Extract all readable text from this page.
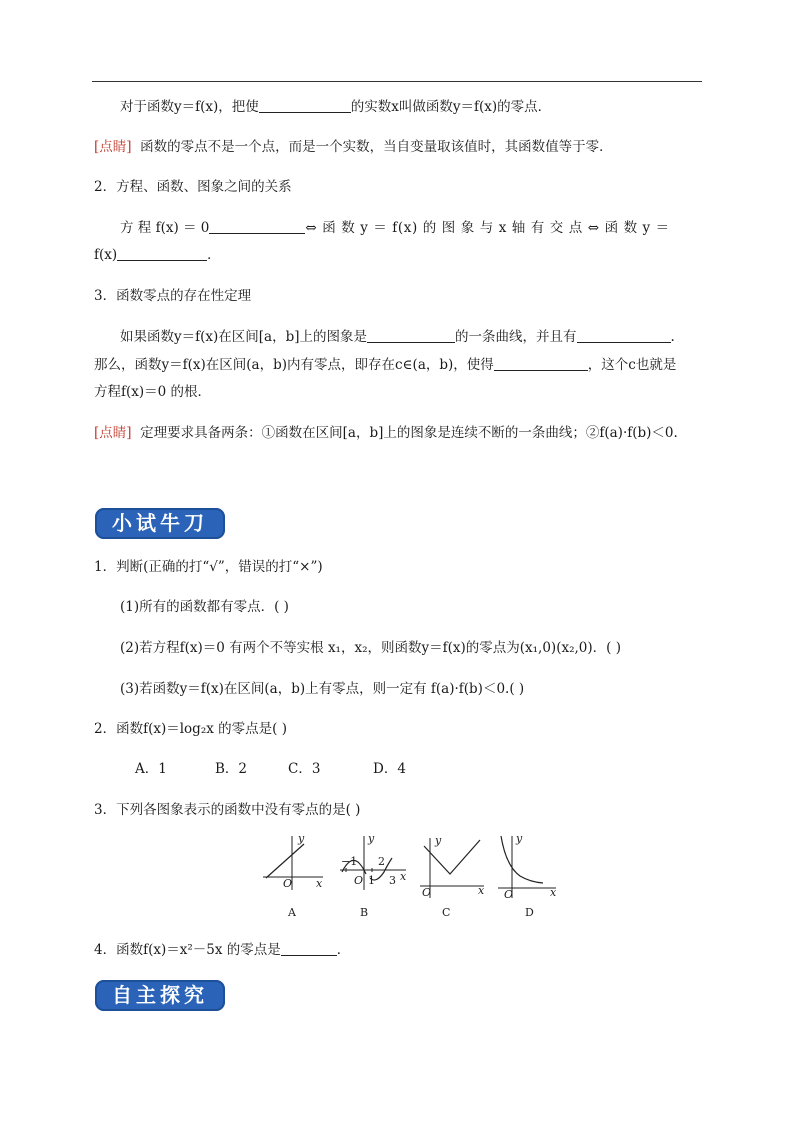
对于函数y＝f(x)，把使	的实数x叫做函数y＝f(x)的零点．
[点睛] 函数的零点不是一个点，而是一个实数，当自变量取该值时，其函数值等于零．
2．方程、函数、图象之间的关系
方 程 f(x) ＝ 0	⇔ 函 数 y ＝ f(x) 的 图 象 与 x 轴 有 交 点 ⇔ 函 数 y ＝
f(x)	．
3．函数零点的存在性定理
如果函数y＝f(x)在区间[a，b]上的图象是	的一条曲线，并且有	.
那么，函数y＝f(x)在区间(a，b)内有零点，即存在c∈(a，b)，使得	，这个c也就是
方程f(x)＝0 的根．
[点睛] 定理要求具备两条：①函数在区间[a，b]上的图象是连续不断的一条曲线；②f(a)·f(b)＜0.
小试牛刀
1．判断(正确的打“√”，错误的打“×”)
(1)所有的函数都有零点．( )
(2)若方程f(x)＝0 有两个不等实根 x₁，x₂，则函数y＝f(x)的零点为(x₁,0)(x₂,0)．( )
(3)若函数y＝f(x)在区间(a，b)上有零点，则一定有 f(a)·f(b)＜0.( )
2．函数f(x)＝log₂x 的零点是( )
A．1	B．2	C．3	D．4
3．下列各图象表示的函数中没有零点的是( )
y
x
O
y
x
O
−1
1
2
3
y
x
O
y
x
O
A	B	C	D
4．函数f(x)＝x²－5x 的零点是	．
自主探究
